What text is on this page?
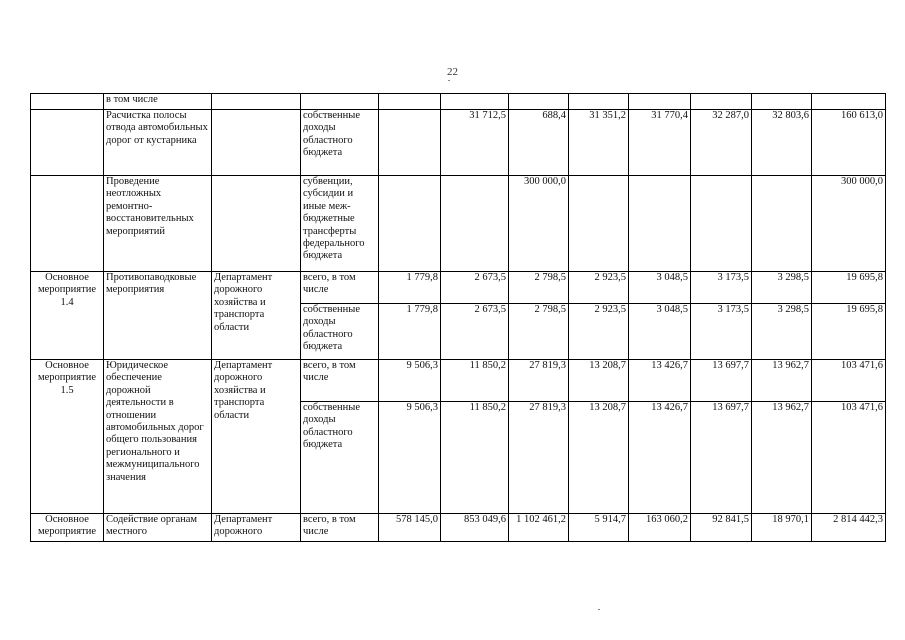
22
	в том числе										
	Расчистка полосы отвода автомобильных дорог от кустарника		собственные доходы областного бюджета		31 712,5	688,4	31 351,2	31 770,4	32 287,0	32 803,6	160 613,0
	Проведение неотложных ремонтно-восстановительных мероприятий		субвенции, субсидии и иные меж-бюджетные трансферты федерального бюджета			300 000,0					300 000,0
Основное мероприятие 1.4	Противопаводковые мероприятия	Департамент дорожного хозяйства и транспорта области	всего, в том числе	1 779,8	2 673,5	2 798,5	2 923,5	3 048,5	3 173,5	3 298,5	19 695,8
			собственные доходы областного бюджета	1 779,8	2 673,5	2 798,5	2 923,5	3 048,5	3 173,5	3 298,5	19 695,8
Основное мероприятие 1.5	Юридическое обеспечение дорожной деятельности в отношении автомобильных дорог общего пользования регионального и межмуниципального значения	Департамент дорожного хозяйства и транспорта области	всего, в том числе	9 506,3	11 850,2	27 819,3	13 208,7	13 426,7	13 697,7	13 962,7	103 471,6
			собственные доходы областного бюджета	9 506,3	11 850,2	27 819,3	13 208,7	13 426,7	13 697,7	13 962,7	103 471,6
Основное мероприятие	Содействие органам местного	Департамент дорожного	всего, в том числе	578 145,0	853 049,6	1 102 461,2	5 914,7	163 060,2	92 841,5	18 970,1	2 814 442,3
